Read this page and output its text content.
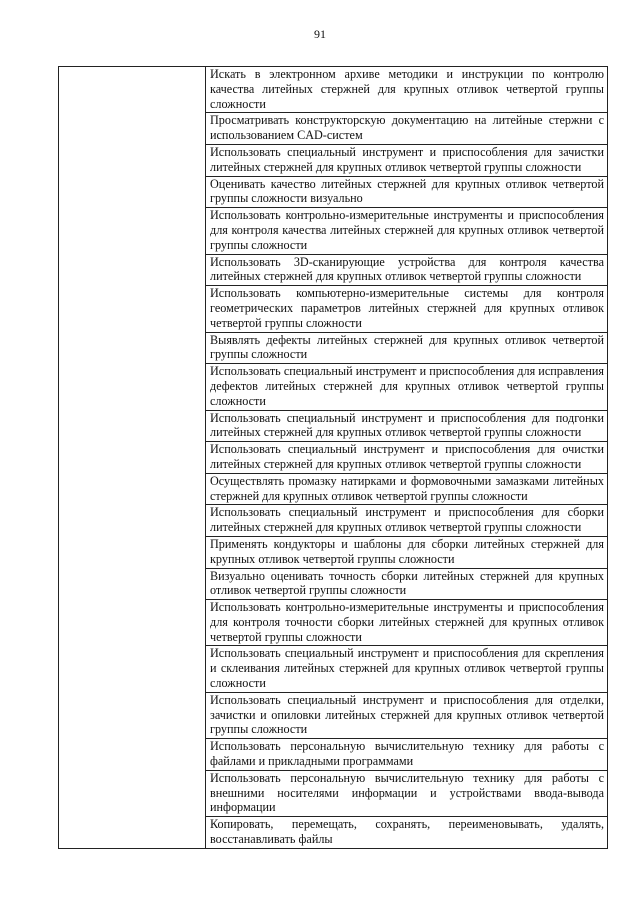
91

Искать в электронном архиве методики и инструкции по контролю качества литейных стержней для крупных отливок четвертой группы сложности
Просматривать конструкторскую документацию на литейные стержни с использованием CAD-систем
Использовать специальный инструмент и приспособления для зачистки литейных стержней для крупных отливок четвертой группы сложности
Оценивать качество литейных стержней для крупных отливок четвертой группы сложности визуально
Использовать контрольно-измерительные инструменты и приспособления для контроля качества литейных стержней для крупных отливок четвертой группы сложности
Использовать 3D-сканирующие устройства для контроля качества литейных стержней для крупных отливок четвертой группы сложности
Использовать компьютерно-измерительные системы для контроля геометрических параметров литейных стержней для крупных отливок четвертой группы сложности
Выявлять дефекты литейных стержней для крупных отливок четвертой группы сложности
Использовать специальный инструмент и приспособления для исправления дефектов литейных стержней для крупных отливок четвертой группы сложности
Использовать специальный инструмент и приспособления для подгонки литейных стержней для крупных отливок четвертой группы сложности
Использовать специальный инструмент и приспособления для очистки литейных стержней для крупных отливок четвертой группы сложности
Осуществлять промазку натирками и формовочными замазками литейных стержней для крупных отливок четвертой группы сложности
Использовать специальный инструмент и приспособления для сборки литейных стержней для крупных отливок четвертой группы сложности
Применять кондукторы и шаблоны для сборки литейных стержней для крупных отливок четвертой группы сложности
Визуально оценивать точность сборки литейных стержней для крупных отливок четвертой группы сложности
Использовать контрольно-измерительные инструменты и приспособления для контроля точности сборки литейных стержней для крупных отливок четвертой группы сложности
Использовать специальный инструмент и приспособления для скрепления и склеивания литейных стержней для крупных отливок четвертой группы сложности
Использовать специальный инструмент и приспособления для отделки, зачистки и опиловки литейных стержней для крупных отливок четвертой группы сложности
Использовать персональную вычислительную технику для работы с файлами и прикладными программами
Использовать персональную вычислительную технику для работы с внешними носителями информации и устройствами ввода-вывода информации
Копировать, перемещать, сохранять, переименовывать, удалять, восстанавливать файлы
